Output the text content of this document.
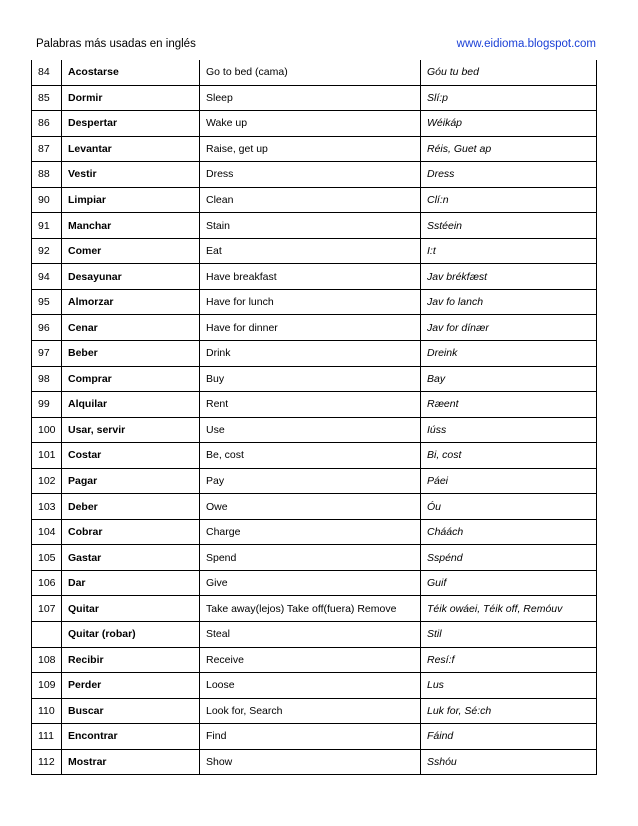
Palabras más usadas en inglés	www.eidioma.blogspot.com
84	Acostarse	Go to bed (cama)	Góu tu bed
85	Dormir	Sleep	Slí:p
86	Despertar	Wake up	Wéikáp
87	Levantar	Raise, get up	Réis, Guet ap
88	Vestir	Dress	Dress
90	Limpiar	Clean	Clí:n
91	Manchar	Stain	Sstéein
92	Comer	Eat	I:t
94	Desayunar	Have breakfast	Jav brékfæst
95	Almorzar	Have for lunch	Jav fo lanch
96	Cenar	Have for dinner	Jav for dínær
97	Beber	Drink	Dreink
98	Comprar	Buy	Bay
99	Alquilar	Rent	Ræent
100	Usar, servir	Use	Iúss
101	Costar	Be, cost	Bi, cost
102	Pagar	Pay	Páei
103	Deber	Owe	Óu
104	Cobrar	Charge	Cháách
105	Gastar	Spend	Sspénd
106	Dar	Give	Guif
107	Quitar	Take away(lejos) Take off(fuera) Remove	Téik owáei, Téik off, Remóuv
	Quitar (robar)	Steal	Stil
108	Recibir	Receive	Resí:f
109	Perder	Loose	Lus
110	Buscar	Look for, Search	Luk for, Sé:ch
111	Encontrar	Find	Fáind
112	Mostrar	Show	Sshóu
